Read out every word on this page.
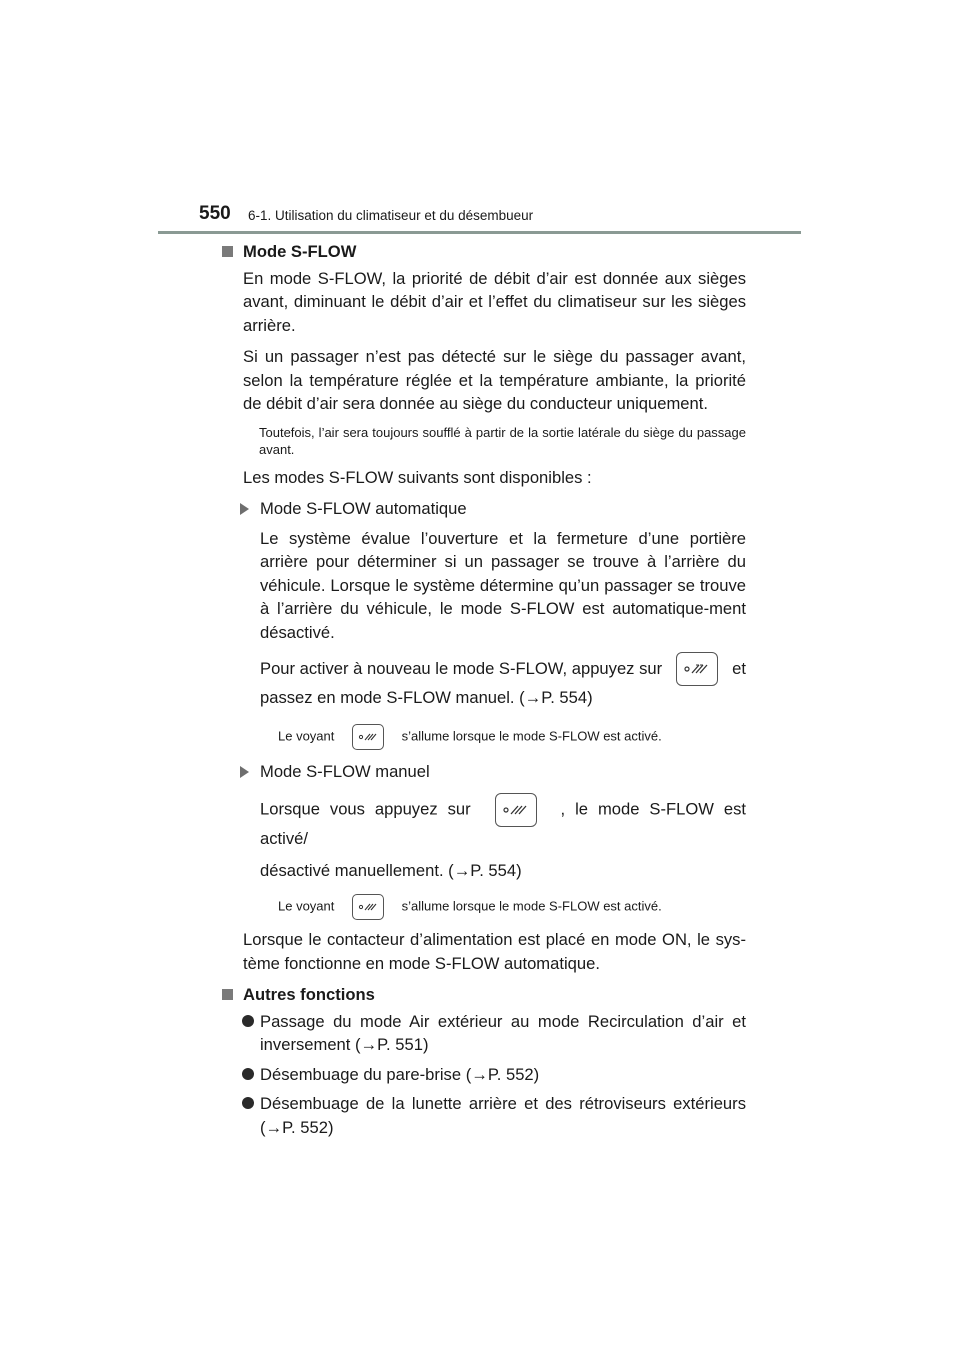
550 6-1. Utilisation du climatiseur et du désembueur
Mode S-FLOW

En mode S-FLOW, la priorité de débit d’air est donnée aux sièges avant, diminuant le débit d’air et l’effet du climatiseur sur les sièges arrière.

Si un passager n’est pas détecté sur le siège du passager avant, selon la température réglée et la température ambiante, la priorité de débit d’air sera donnée au siège du conducteur uniquement.

Toutefois, l’air sera toujours soufflé à partir de la sortie latérale du siège du passage avant.

Les modes S-FLOW suivants sont disponibles :

Mode S-FLOW automatique

Le système évalue l’ouverture et la fermeture d’une portière arrière pour déterminer si un passager se trouve à l’arrière du véhicule. Lorsque le système détermine qu’un passager se trouve à l’arrière du véhicule, le mode S-FLOW est automatique-ment désactivé.

Pour activer à nouveau le mode S-FLOW, appuyez sur	et

passez en mode S-FLOW manuel. (→P. 554)

Le voyant	s’allume lorsque le mode S-FLOW est activé.

Mode S-FLOW manuel
Lorsque vous appuyez sur	, le mode S-FLOW est activé/

désactivé manuellement. (→P. 554)

Le voyant	s’allume lorsque le mode S-FLOW est activé.

Lorsque le contacteur d’alimentation est placé en mode ON, le sys-tème fonctionne en mode S-FLOW automatique.

Autres fonctions
Passage du mode Air extérieur au mode Recirculation d’air et inversement (→P. 551)
Désembuage du pare-brise (→P. 552)
Désembuage de la lunette arrière et des rétroviseurs extérieurs (→P. 552)
